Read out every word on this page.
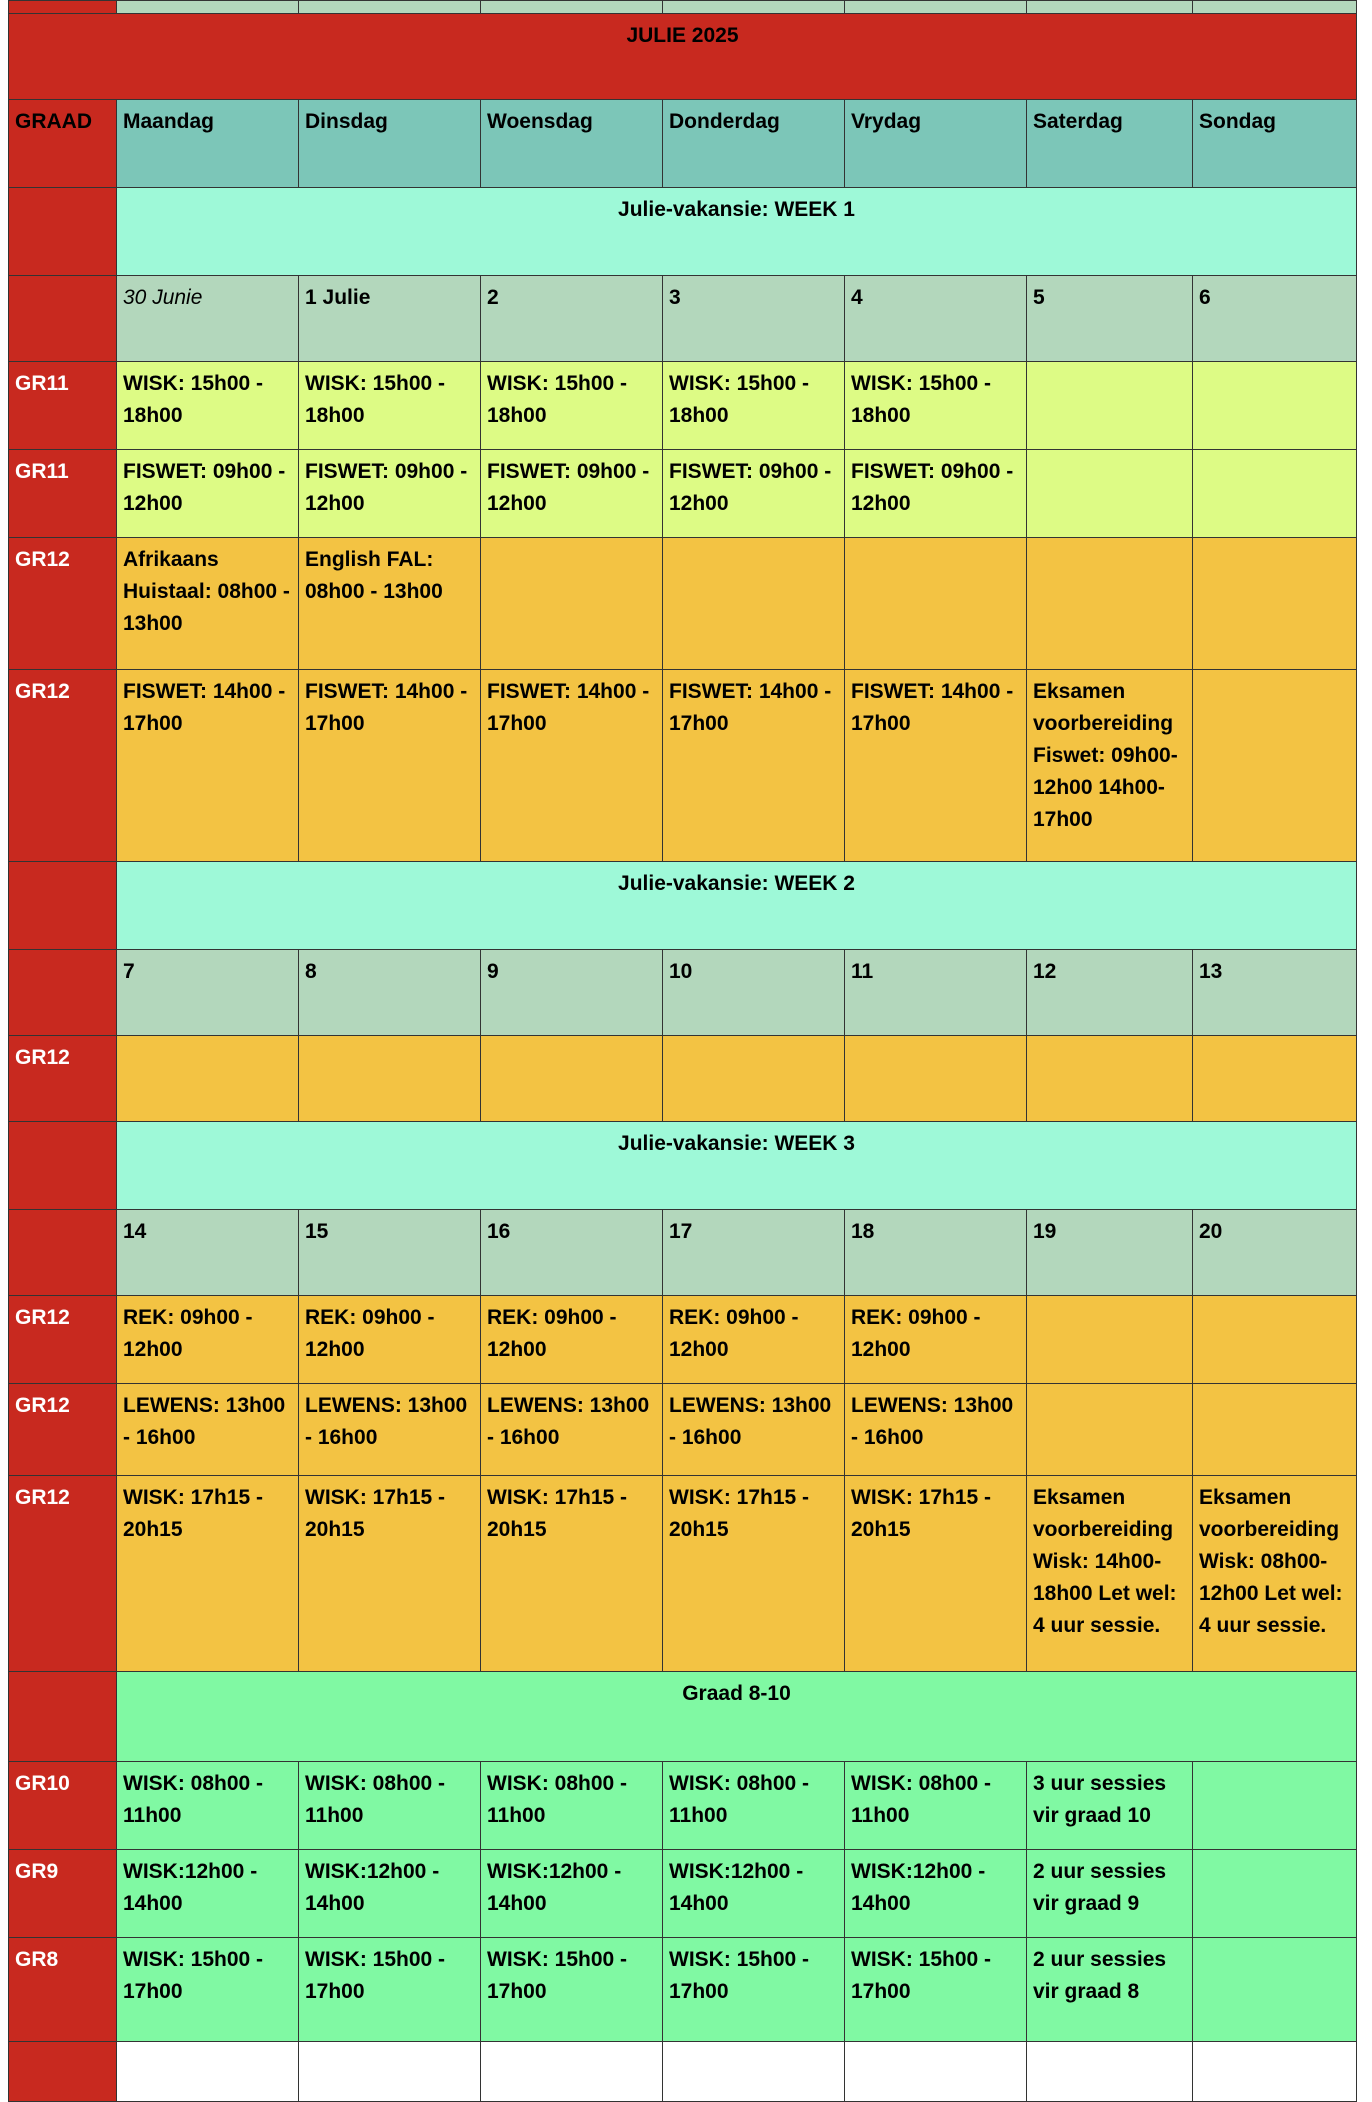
JULIE 2025							
GRAAD	Maandag	Dinsdag	Woensdag	Donderdag	Vrydag	Saterdag	Sondag
	Julie-vakansie: WEEK 1						
	30 Junie	1 Julie	2	3	4	5	6
GR11	WISK: 15h00 - 18h00	WISK: 15h00 - 18h00	WISK: 15h00 - 18h00	WISK: 15h00 - 18h00	WISK: 15h00 - 18h00		
GR11	FISWET: 09h00 - 12h00	FISWET: 09h00 - 12h00	FISWET: 09h00 - 12h00	FISWET: 09h00 - 12h00	FISWET: 09h00 - 12h00		
GR12	Afrikaans Huistaal: 08h00 - 13h00	English FAL: 08h00 - 13h00					
GR12	FISWET: 14h00 - 17h00	FISWET: 14h00 - 17h00	FISWET: 14h00 - 17h00	FISWET: 14h00 - 17h00	FISWET: 14h00 - 17h00	Eksamen voorbereiding Fiswet: 09h00-12h00 14h00-17h00	
	Julie-vakansie: WEEK 2						
	7	8	9	10	11	12	13
GR12							
	Julie-vakansie: WEEK 3						
	14	15	16	17	18	19	20
GR12	REK: 09h00 - 12h00	REK: 09h00 - 12h00	REK: 09h00 - 12h00	REK: 09h00 - 12h00	REK: 09h00 - 12h00		
GR12	LEWENS: 13h00 - 16h00	LEWENS: 13h00 - 16h00	LEWENS: 13h00 - 16h00	LEWENS: 13h00 - 16h00	LEWENS: 13h00 - 16h00		
GR12	WISK: 17h15 - 20h15	WISK: 17h15 - 20h15	WISK: 17h15 - 20h15	WISK: 17h15 - 20h15	WISK: 17h15 - 20h15	Eksamen voorbereiding Wisk: 14h00-18h00 Let wel: 4 uur sessie.	Eksamen voorbereiding Wisk: 08h00-12h00 Let wel: 4 uur sessie.
	Graad 8-10						
GR10	WISK: 08h00 - 11h00	WISK: 08h00 - 11h00	WISK: 08h00 - 11h00	WISK: 08h00 - 11h00	WISK: 08h00 - 11h00	3 uur sessies vir graad 10	
GR9	WISK:12h00 - 14h00	WISK:12h00 - 14h00	WISK:12h00 - 14h00	WISK:12h00 - 14h00	WISK:12h00 - 14h00	2 uur sessies vir graad 9	
GR8	WISK: 15h00 - 17h00	WISK: 15h00 - 17h00	WISK: 15h00 - 17h00	WISK: 15h00 - 17h00	WISK: 15h00 - 17h00	2 uur sessies vir graad 8	
